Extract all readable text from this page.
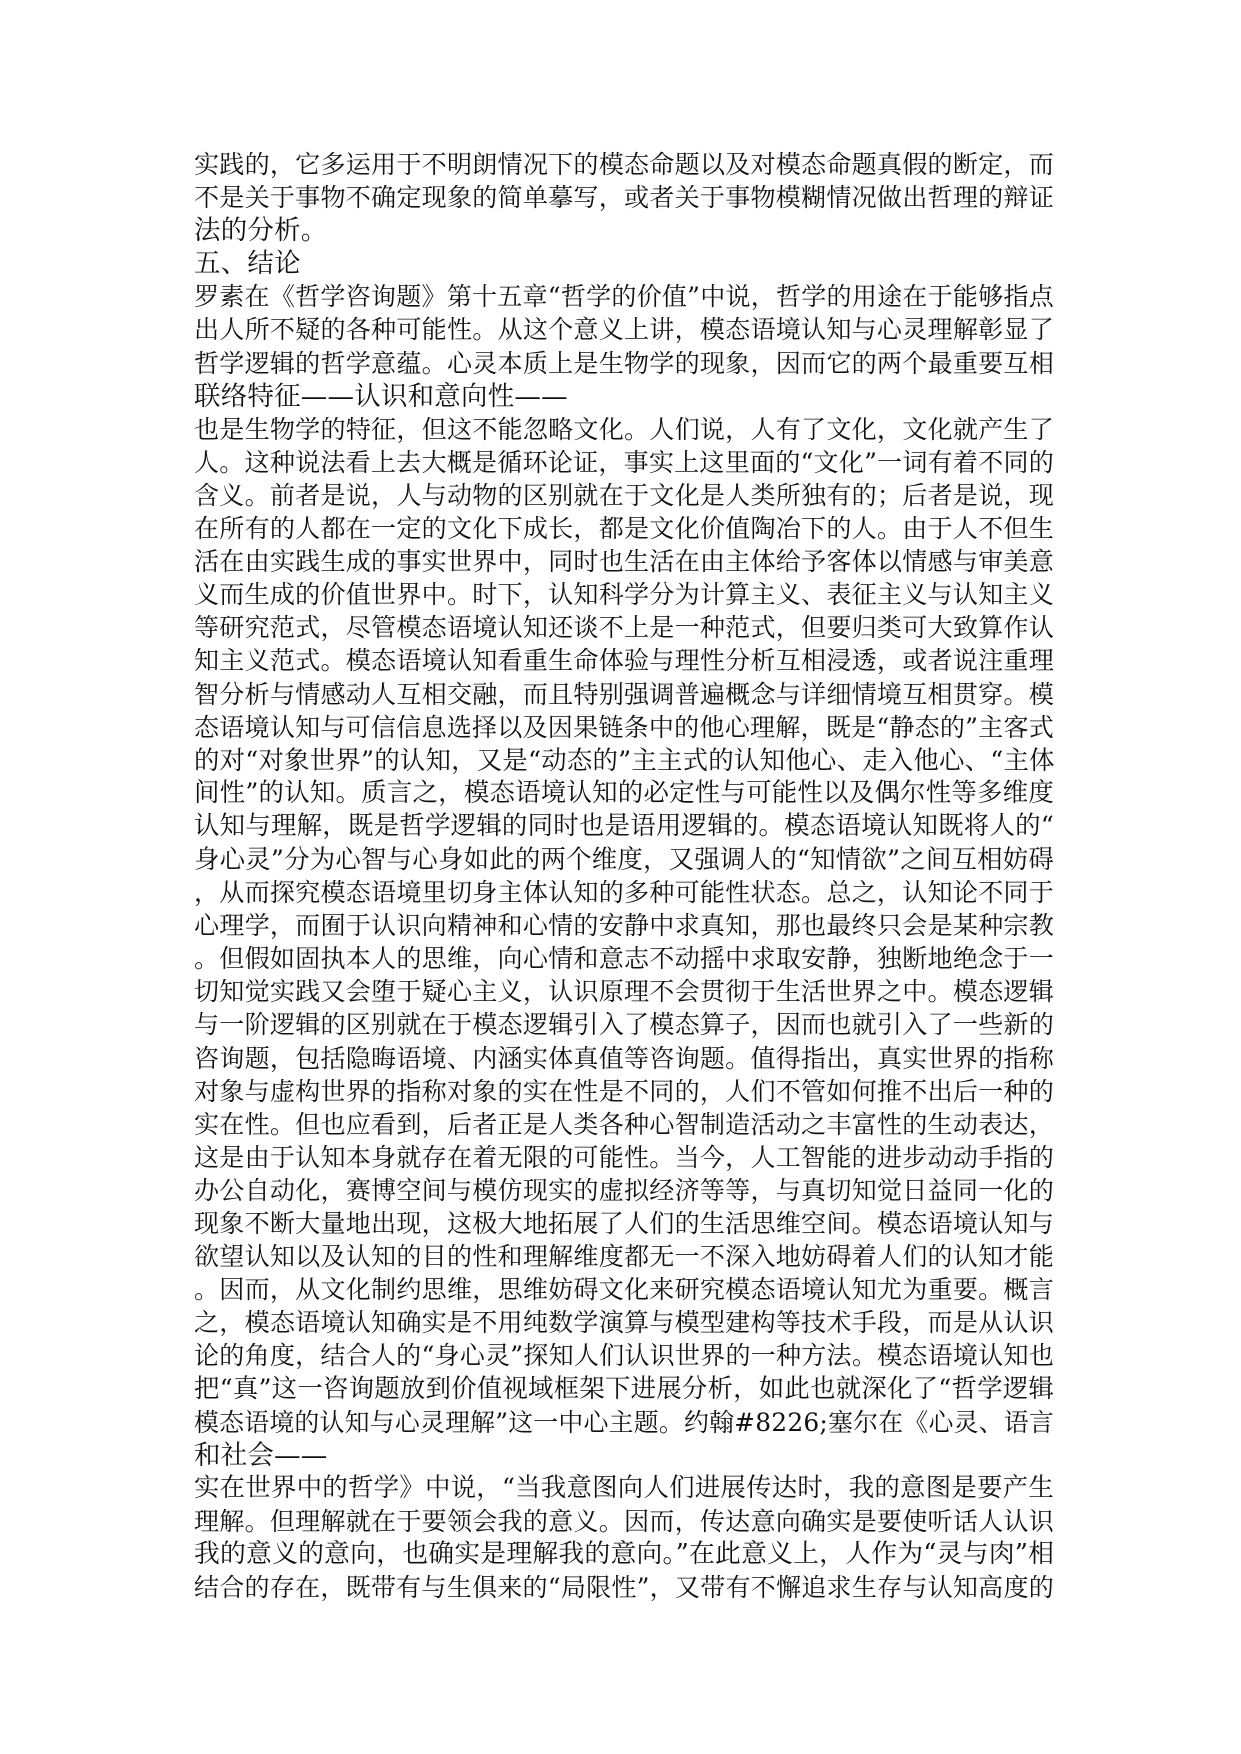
实践的，它多运用于不明朗情况下的模态命题以及对模态命题真假的断定，而
不是关于事物不确定现象的简单摹写，或者关于事物模糊情况做出哲理的辩证
法的分析。
五、结论
罗素在《哲学咨询题》第十五章“哲学的价值”中说，哲学的用途在于能够指点
出人所不疑的各种可能性。从这个意义上讲，模态语境认知与心灵理解彰显了
哲学逻辑的哲学意蕴。心灵本质上是生物学的现象，因而它的两个最重要互相
联络特征——认识和意向性——
也是生物学的特征，但这不能忽略文化。人们说，人有了文化，文化就产生了
人。这种说法看上去大概是循环论证，事实上这里面的“文化”一词有着不同的
含义。前者是说，人与动物的区别就在于文化是人类所独有的；后者是说，现
在所有的人都在一定的文化下成长，都是文化价值陶冶下的人。由于人不但生
活在由实践生成的事实世界中，同时也生活在由主体给予客体以情感与审美意
义而生成的价值世界中。时下，认知科学分为计算主义、表征主义与认知主义
等研究范式，尽管模态语境认知还谈不上是一种范式，但要归类可大致算作认
知主义范式。模态语境认知看重生命体验与理性分析互相浸透，或者说注重理
智分析与情感动人互相交融，而且特别强调普遍概念与详细情境互相贯穿。模
态语境认知与可信信息选择以及因果链条中的他心理解，既是“静态的”主客式
的对“对象世界”的认知，又是“动态的”主主式的认知他心、走入他心、“主体
间性”的认知。质言之，模态语境认知的必定性与可能性以及偶尔性等多维度
认知与理解，既是哲学逻辑的同时也是语用逻辑的。模态语境认知既将人的“
身心灵”分为心智与心身如此的两个维度，又强调人的“知情欲”之间互相妨碍
，从而探究模态语境里切身主体认知的多种可能性状态。总之，认知论不同于
心理学，而囿于认识向精神和心情的安静中求真知，那也最终只会是某种宗教
。但假如固执本人的思维，向心情和意志不动摇中求取安静，独断地绝念于一
切知觉实践又会堕于疑心主义，认识原理不会贯彻于生活世界之中。模态逻辑
与一阶逻辑的区别就在于模态逻辑引入了模态算子，因而也就引入了一些新的
咨询题，包括隐晦语境、内涵实体真值等咨询题。值得指出，真实世界的指称
对象与虚构世界的指称对象的实在性是不同的，人们不管如何推不出后一种的
实在性。但也应看到，后者正是人类各种心智制造活动之丰富性的生动表达，
这是由于认知本身就存在着无限的可能性。当今，人工智能的进步动动手指的
办公自动化，赛博空间与模仿现实的虚拟经济等等，与真切知觉日益同一化的
现象不断大量地出现，这极大地拓展了人们的生活思维空间。模态语境认知与
欲望认知以及认知的目的性和理解维度都无一不深入地妨碍着人们的认知才能
。因而，从文化制约思维，思维妨碍文化来研究模态语境认知尤为重要。概言
之，模态语境认知确实是不用纯数学演算与模型建构等技术手段，而是从认识
论的角度，结合人的“身心灵”探知人们认识世界的一种方法。模态语境认知也
把“真”这一咨询题放到价值视域框架下进展分析，如此也就深化了“哲学逻辑
模态语境的认知与心灵理解”这一中心主题。约翰#8226;塞尔在《心灵、语言
和社会——
实在世界中的哲学》中说，“当我意图向人们进展传达时，我的意图是要产生
理解。但理解就在于要领会我的意义。因而，传达意向确实是要使听话人认识
我的意义的意向，也确实是理解我的意向。”在此意义上，人作为“灵与肉”相
结合的存在，既带有与生俱来的“局限性”，又带有不懈追求生存与认知高度的
